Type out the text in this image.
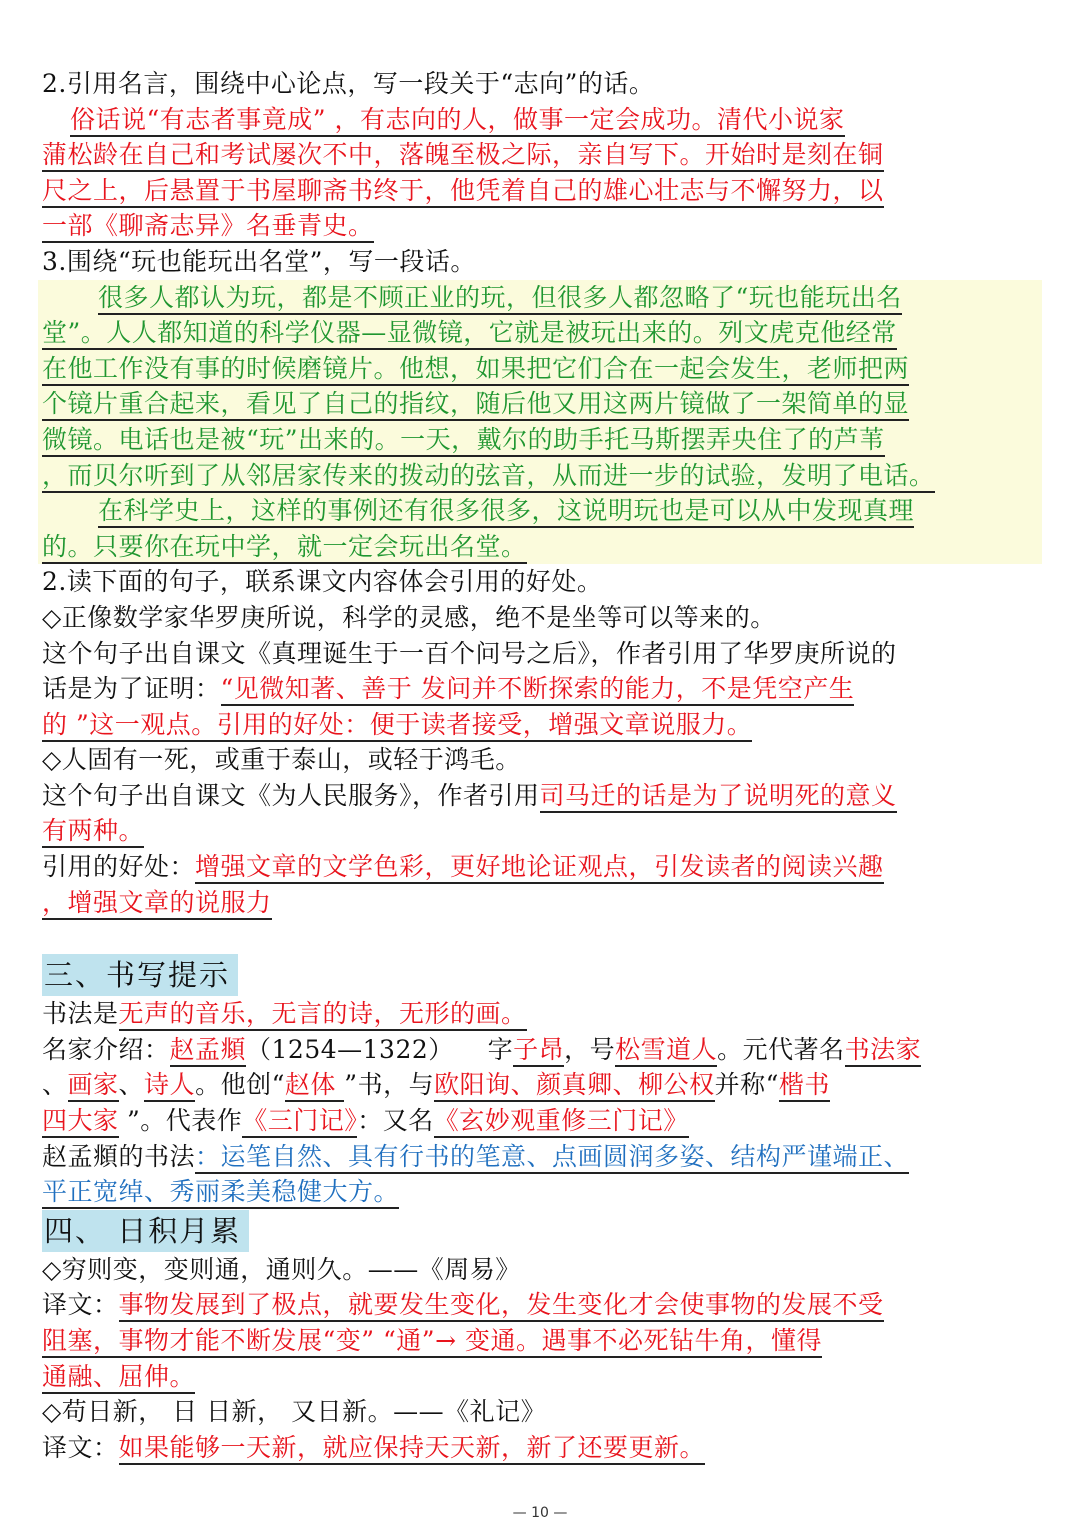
2.引用名言，围绕中心论点，写一段关于“志向”的话。
俗话说“有志者事竟成” ，有志向的人，做事一定会成功。清代小说家
蒲松龄在自己和考试屡次不中，落魄至极之际，亲自写下。开始时是刻在铜
尺之上，后悬置于书屋聊斋书终于，他凭着自己的雄心壮志与不懈努力，以
一部《聊斋志异》名垂青史。
3.围绕“玩也能玩出名堂”，写一段话。
很多人都认为玩，都是不顾正业的玩，但很多人都忽略了“玩也能玩出名
堂”。人人都知道的科学仪器—显微镜，它就是被玩出来的。列文虎克他经常
在他工作没有事的时候磨镜片。他想，如果把它们合在一起会发生，老师把两
个镜片重合起来，看见了自己的指纹，随后他又用这两片镜做了一架简单的显
微镜。电话也是被“玩”出来的。一天，戴尔的助手托马斯摆弄央住了的芦苇
，而贝尔听到了从邻居家传来的拨动的弦音，从而进一步的试验，发明了电话。
在科学史上，这样的事例还有很多很多，这说明玩也是可以从中发现真理
的。只要你在玩中学，就一定会玩出名堂。
2.读下面的句子，联系课文内容体会引用的好处。
◇正像数学家华罗庚所说，科学的灵感，绝不是坐等可以等来的。
这个句子出自课文《真理诞生于一百个问号之后》，作者引用了华罗庚所说的
话是为了证明：“见微知著、善于 发问并不断探索的能力，不是凭空产生
的 ”这一观点。引用的好处：便于读者接受，增强文章说服力。
◇人固有一死，或重于泰山，或轻于鸿毛。
这个句子出自课文《为人民服务》，作者引用司马迁的话是为了说明死的意义
有两种。
引用的好处：增强文章的文学色彩，更好地论证观点，引发读者的阅读兴趣
，增强文章的说服力
三、书写提示
书法是无声的音乐，无言的诗，无形的画。
名家介绍：赵孟頫（1254—1322） 字子昂，号松雪道人。元代著名书法家
、画家、诗人。他创“赵体 ”书，与欧阳询、颜真卿、柳公权并称“楷书
四大家 ”。代表作《三门记》：又名《玄妙观重修三门记》
赵孟頫的书法：运笔自然、具有行书的笔意、点画圆润多姿、结构严谨端正、
平正宽绰、秀丽柔美稳健大方。
四、 日积月累
◇穷则变，变则通，通则久。——《周易》
译文：事物发展到了极点，就要发生变化，发生变化才会使事物的发展不受
阻塞，事物才能不断发展“变” “通”→ 变通。遇事不必死钻牛角，懂得
通融、屈伸。
◇苟日新， 日 日新， 又日新。——《礼记》
译文：如果能够一天新，就应保持天天新，新了还要更新。
— 10 —
